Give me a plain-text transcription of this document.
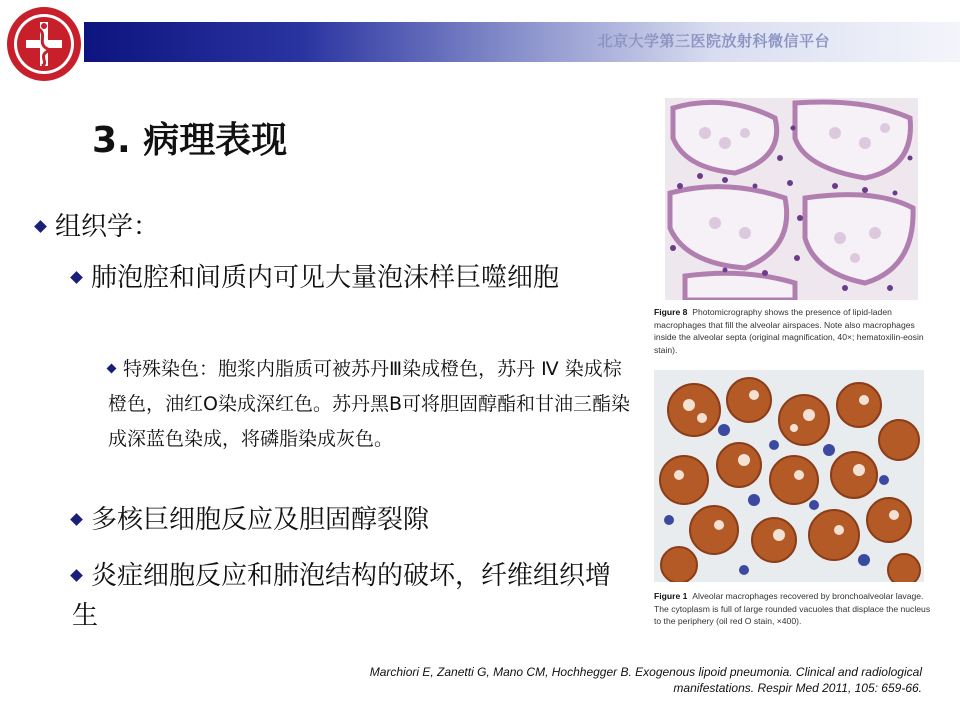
北京大学第三医院放射科微信平台
3. 病理表现
组织学：
肺泡腔和间质内可见大量泡沫样巨噬细胞
特殊染色：胞浆内脂质可被苏丹Ⅲ染成橙色，苏丹 Ⅳ 染成棕橙色，油红O染成深红色。苏丹黑B可将胆固醇酯和甘油三酯染成深蓝色染成，将磷脂染成灰色。
多核巨细胞反应及胆固醇裂隙
炎症细胞反应和肺泡结构的破坏，纤维组织增生
Figure 8 Photomicrography shows the presence of lipid-laden macrophages that fill the alveolar airspaces. Note also macrophages inside the alveolar septa (original magnification, 40×; hematoxilin-eosin stain).
Figure 1 Alveolar macrophages recovered by bronchoalveolar lavage. The cytoplasm is full of large rounded vacuoles that displace the nucleus to the periphery (oil red O stain, ×400).
Marchiori E, Zanetti G, Mano CM, Hochhegger B. Exogenous lipoid pneumonia. Clinical and radiological
manifestations. Respir Med 2011, 105: 659-66.
